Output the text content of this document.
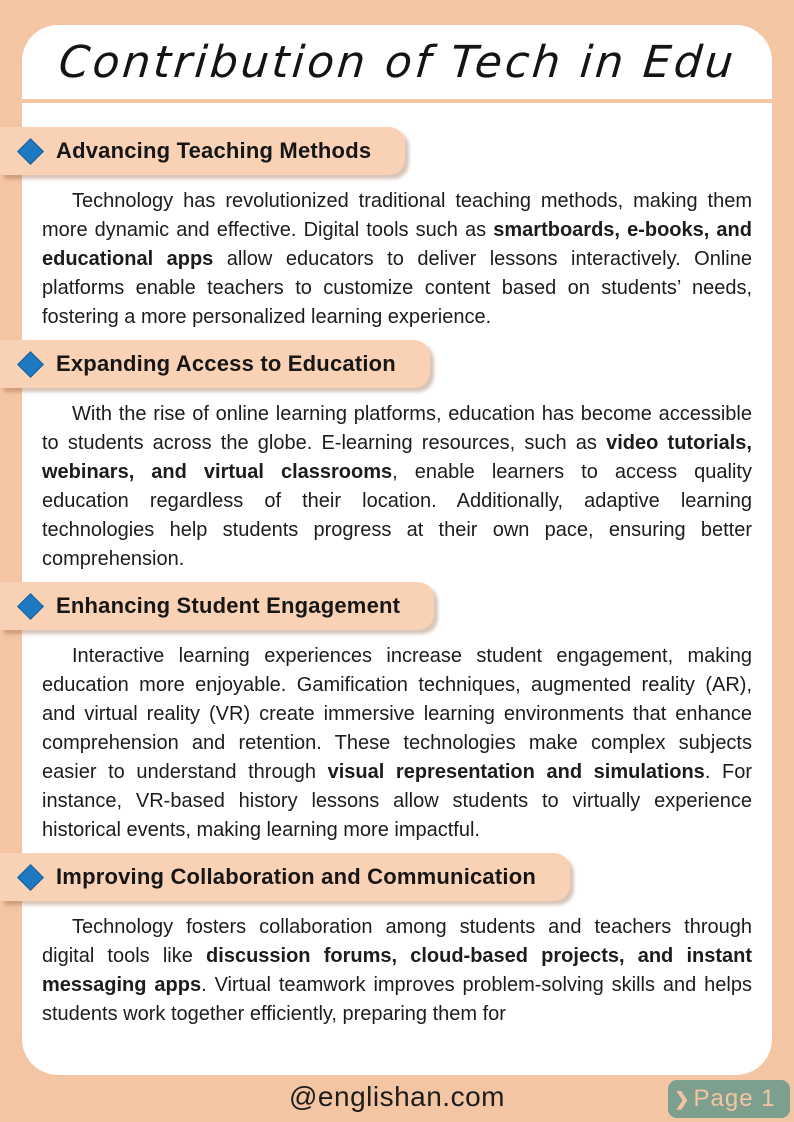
Contribution of Tech in Edu
Advancing Teaching Methods

Technology has revolutionized traditional teaching methods, making them more dynamic and effective. Digital tools such as smartboards, e-books, and educational apps allow educators to deliver lessons interactively. Online platforms enable teachers to customize content based on students’ needs, fostering a more personalized learning experience.

Expanding Access to Education

With the rise of online learning platforms, education has become accessible to students across the globe. E-learning resources, such as video tutorials, webinars, and virtual classrooms, enable learners to access quality education regardless of their location. Additionally, adaptive learning technologies help students progress at their own pace, ensuring better comprehension.

Enhancing Student Engagement

Interactive learning experiences increase student engagement, making education more enjoyable. Gamification techniques, augmented reality (AR), and virtual reality (VR) create immersive learning environments that enhance comprehension and retention. These technologies make complex subjects easier to understand through visual representation and simulations. For instance, VR-based history lessons allow students to virtually experience historical events, making learning more impactful.

Improving Collaboration and Communication

Technology fosters collaboration among students and teachers through digital tools like discussion forums, cloud-based projects, and instant messaging apps. Virtual teamwork improves problem-solving skills and helps students work together efficiently, preparing them for

@englishan.com	❯ Page 1
